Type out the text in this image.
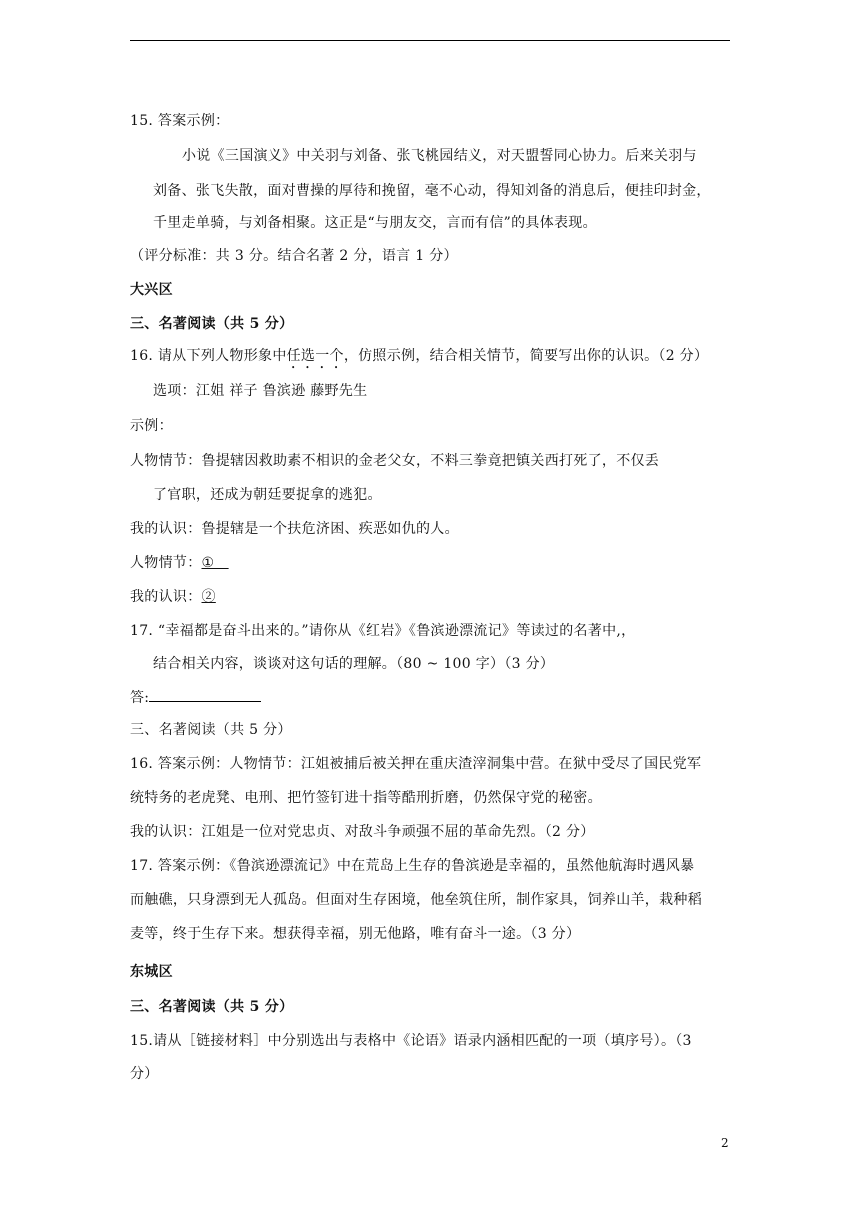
15. 答案示例：
小说《三国演义》中关羽与刘备、张飞桃园结义，对天盟誓同心协力。后来关羽与
刘备、张飞失散，面对曹操的厚待和挽留，毫不心动，得知刘备的消息后，便挂印封金，
千里走单骑，与刘备相聚。这正是“与朋友交，言而有信”的具体表现。
（评分标准：共 3 分。结合名著 2 分，语言 1 分）
大兴区
三、名著阅读（共 5 分）
16. 请从下列人物形象中任选一个，仿照示例，结合相关情节，简要写出你的认识。（2 分）
选项：江姐 祥子 鲁滨逊 藤野先生
示例：
人物情节：鲁提辖因救助素不相识的金老父女，不料三拳竟把镇关西打死了，不仅丢
了官职，还成为朝廷要捉拿的逃犯。
我的认识：鲁提辖是一个扶危济困、疾恶如仇的人。
人物情节：①
我的认识：②
17. “幸福都是奋斗出来的。”请你从《红岩》《鲁滨逊漂流记》等读过的名著中,，
结合相关内容，谈谈对这句话的理解。（80 ~ 100 字）（3 分）
答:
三、名著阅读（共 5 分）
16. 答案示例：人物情节：江姐被捕后被关押在重庆渣滓洞集中营。在狱中受尽了国民党军
统特务的老虎凳、电刑、把竹签钉进十指等酷刑折磨，仍然保守党的秘密。
我的认识：江姐是一位对党忠贞、对敌斗争顽强不屈的革命先烈。（2 分）
17. 答案示例：《鲁滨逊漂流记》中在荒岛上生存的鲁滨逊是幸福的，虽然他航海时遇风暴
而触礁，只身漂到无人孤岛。但面对生存困境，他垒筑住所，制作家具，饲养山羊，栽种稻
麦等，终于生存下来。想获得幸福，别无他路，唯有奋斗一途。（3 分）
东城区
三、名著阅读（共 5 分）
15.请从［链接材料］中分别选出与表格中《论语》语录内涵相匹配的一项（填序号）。（3
分）
2
